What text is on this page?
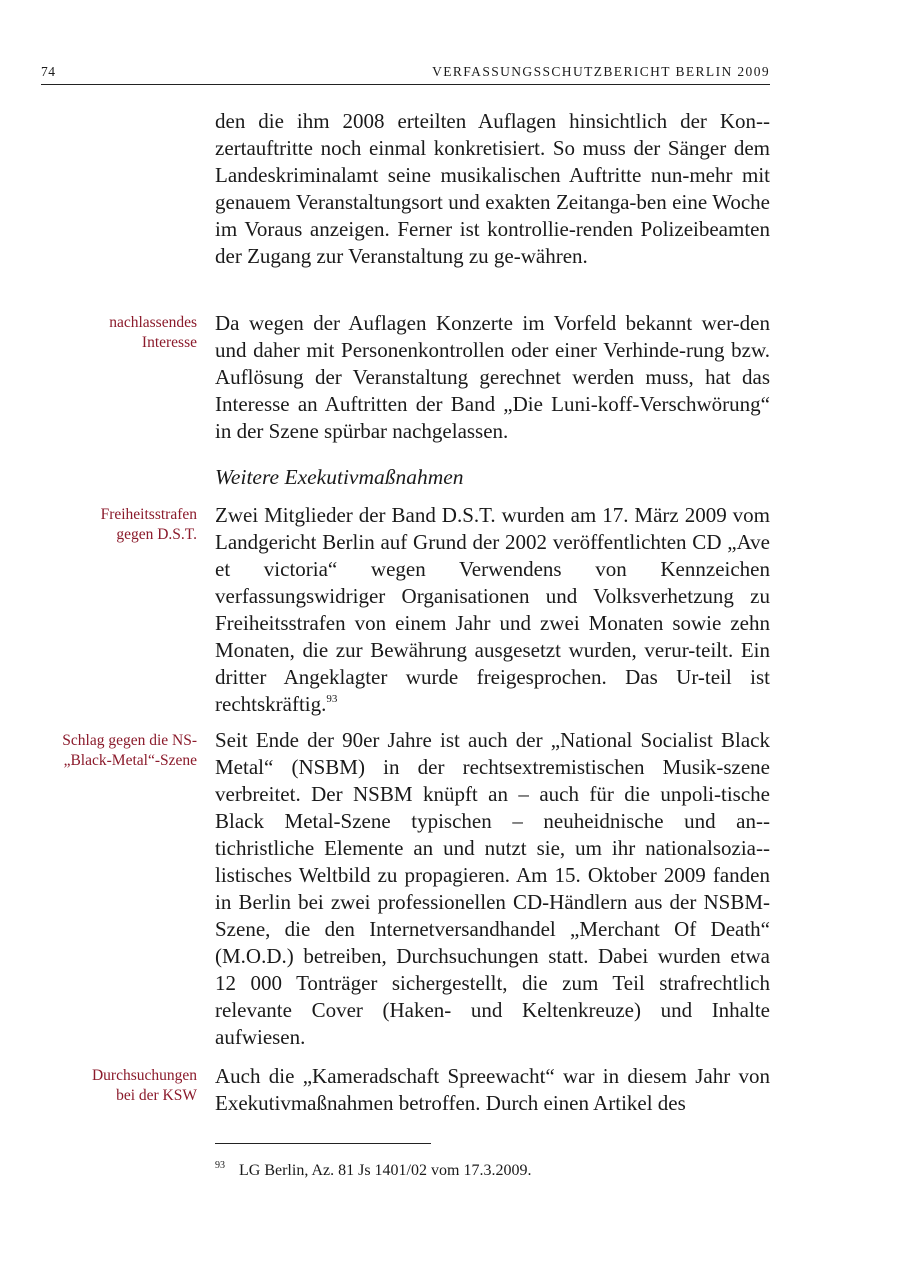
74	VERFASSUNGSSCHUTZBERICHT BERLIN 2009

den die ihm 2008 erteilten Auflagen hinsichtlich der Kon-zertauftritte noch einmal konkretisiert. So muss der Sänger dem Landeskriminalamt seine musikalischen Auftritte nun-mehr mit genauem Veranstaltungsort und exakten Zeitanga-ben eine Woche im Voraus anzeigen. Ferner ist kontrollie-renden Polizeibeamten der Zugang zur Veranstaltung zu ge-währen.

nachlassendes
Interesse

Da wegen der Auflagen Konzerte im Vorfeld bekannt wer-den und daher mit Personenkontrollen oder einer Verhinde-rung bzw. Auflösung der Veranstaltung gerechnet werden muss, hat das Interesse an Auftritten der Band „Die Luni-koff-Verschwörung“ in der Szene spürbar nachgelassen.

Weitere Exekutivmaßnahmen
Freiheitsstrafen
gegen D.S.T.

Zwei Mitglieder der Band D.S.T. wurden am 17. März 2009 vom Landgericht Berlin auf Grund der 2002 veröffentlichten CD „Ave et victoria“ wegen Verwendens von Kennzeichen verfassungswidriger Organisationen und Volksverhetzung zu Freiheitsstrafen von einem Jahr und zwei Monaten sowie zehn Monaten, die zur Bewährung ausgesetzt wurden, verur-teilt. Ein dritter Angeklagter wurde freigesprochen. Das Ur-teil ist rechtskräftig.$^{93}$

Schlag gegen die NS-
„Black-Metal“-Szene

Seit Ende der 90er Jahre ist auch der „National Socialist Black Metal“ (NSBM) in der rechtsextremistischen Musik-szene verbreitet. Der NSBM knüpft an – auch für die unpoli-tische Black Metal-Szene typischen – neuheidnische und an-tichristliche Elemente an und nutzt sie, um ihr nationalsozia-listisches Weltbild zu propagieren. Am 15. Oktober 2009 fanden in Berlin bei zwei professionellen CD-Händlern aus der NSBM-Szene, die den Internetversandhandel „Merchant Of Death“ (M.O.D.) betreiben, Durchsuchungen statt. Dabei wurden etwa 12 000 Tonträger sichergestellt, die zum Teil strafrechtlich relevante Cover (Haken- und Keltenkreuze) und Inhalte aufwiesen.

Durchsuchungen
bei der KSW

Auch die „Kameradschaft Spreewacht“ war in diesem Jahr von Exekutivmaßnahmen betroffen. Durch einen Artikel des

$^{93}$ LG Berlin, Az. 81 Js 1401/02 vom 17.3.2009.
